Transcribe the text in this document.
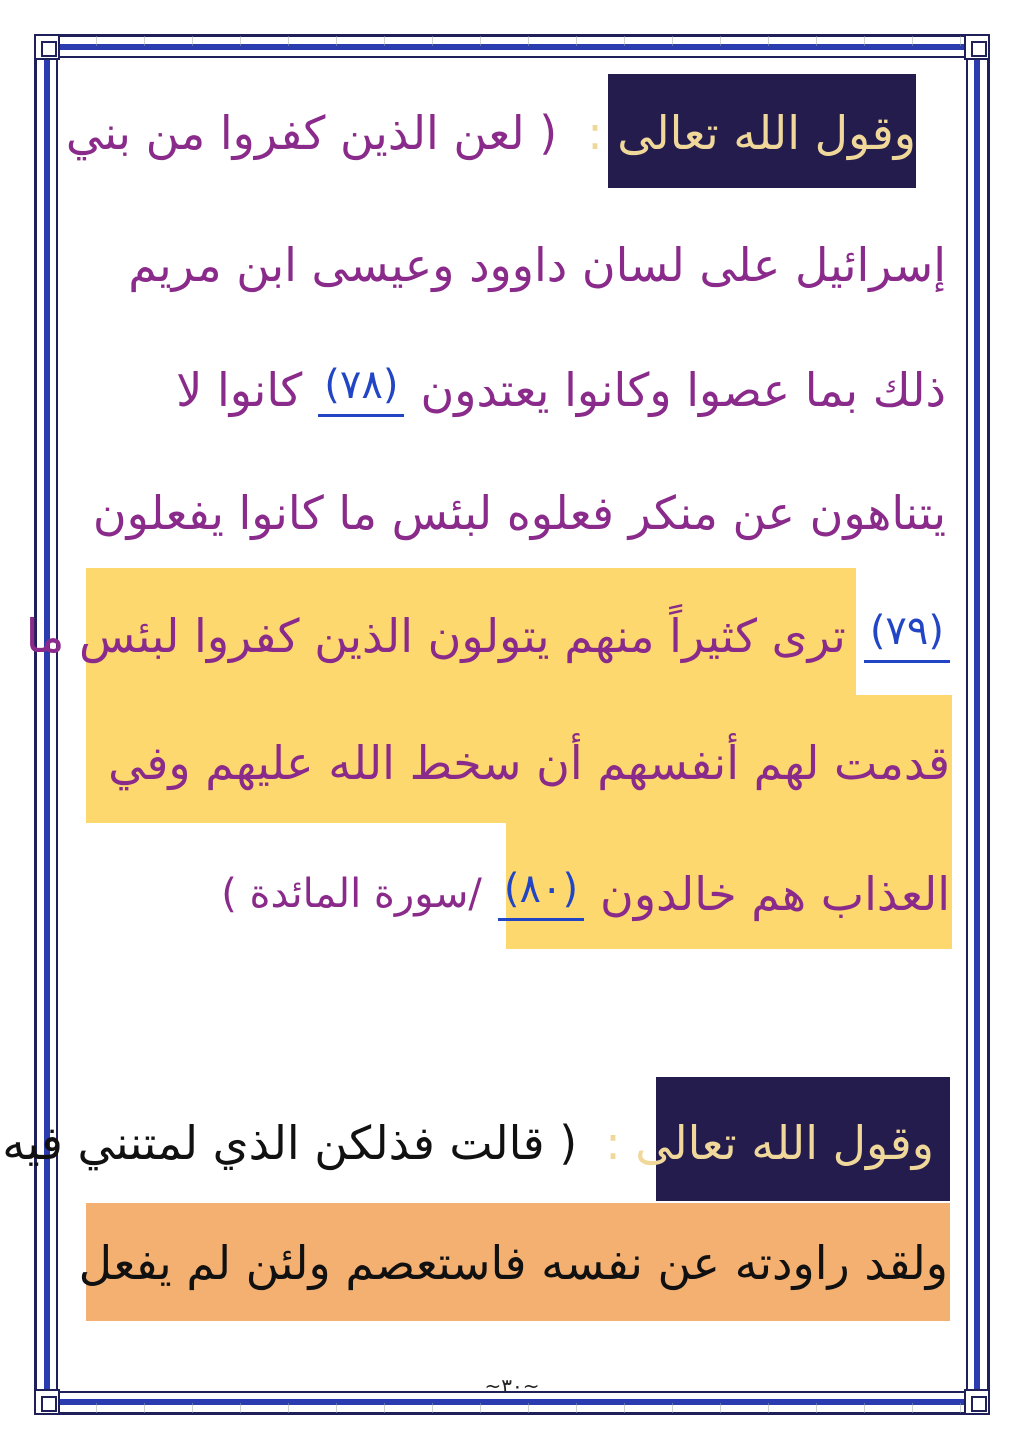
وقول الله تعالى :
( لعن الذين كفروا من بني
إسرائيل على لسان داوود وعيسى ابن مريم
ذلك بما عصوا وكانوا يعتدون
(٧٨)
كانوا لا
يتناهون عن منكر فعلوه لبئس ما كانوا يفعلون
(٧٩)
ترى كثيراً منهم يتولون الذين كفروا لبئس ما
قدمت لهم أنفسهم أن سخط الله عليهم وفي
العذاب هم خالدون
(٨٠)
/سورة المائدة )
وقول الله تعالى :
( قالت فذلكن الذي لمتنني فيه
ولقد راودته عن نفسه فاستعصم ولئن لم يفعل
~٣٠~
